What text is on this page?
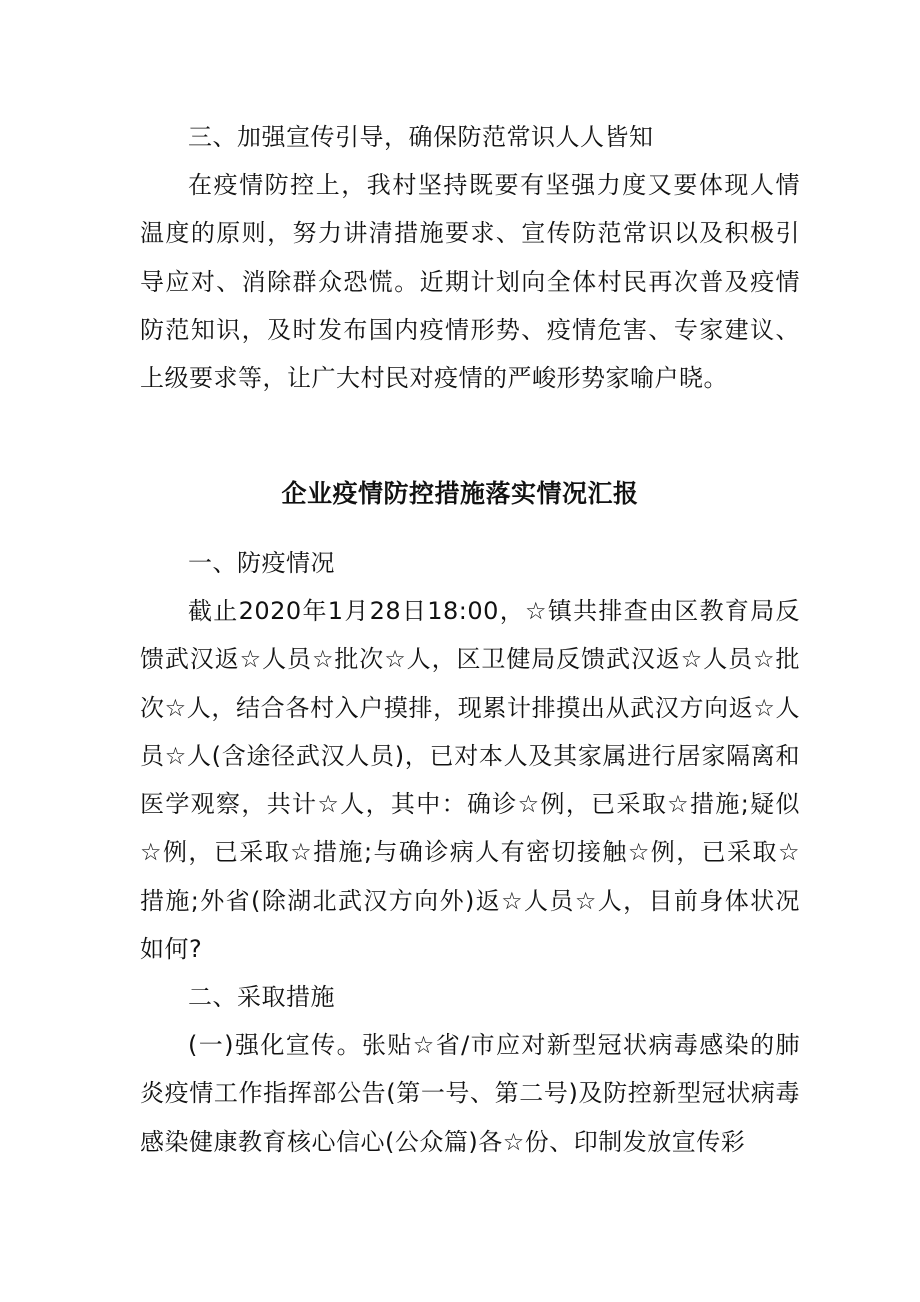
三、加强宣传引导，确保防范常识人人皆知

在疫情防控上，我村坚持既要有坚强力度又要体现人情温度的原则，努力讲清措施要求、宣传防范常识以及积极引导应对、消除群众恐慌。近期计划向全体村民再次普及疫情防范知识，及时发布国内疫情形势、疫情危害、专家建议、上级要求等，让广大村民对疫情的严峻形势家喻户晓。

企业疫情防控措施落实情况汇报

一、防疫情况

截止2020年1月28日18:00，☆镇共排查由区教育局反馈武汉返☆人员☆批次☆人，区卫健局反馈武汉返☆人员☆批次☆人，结合各村入户摸排，现累计排摸出从武汉方向返☆人员☆人(含途径武汉人员)，已对本人及其家属进行居家隔离和医学观察，共计☆人，其中：确诊☆例，已采取☆措施;疑似☆例，已采取☆措施;与确诊病人有密切接触☆例，已采取☆措施;外省(除湖北武汉方向外)返☆人员☆人，目前身体状况如何?

二、采取措施

(一)强化宣传。张贴☆省/市应对新型冠状病毒感染的肺炎疫情工作指挥部公告(第一号、第二号)及防控新型冠状病毒感染健康教育核心信心(公众篇)各☆份、印制发放宣传彩
